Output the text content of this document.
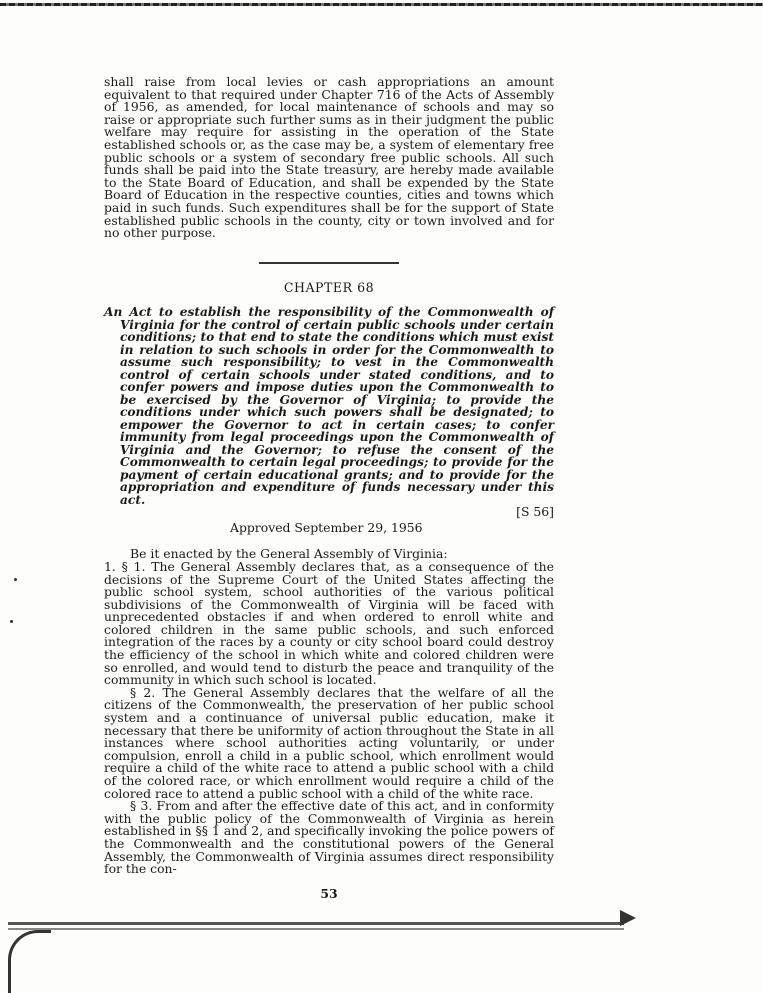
shall raise from local levies or cash appropriations an amount equivalent to that required under Chapter 716 of the Acts of Assembly of 1956, as amended, for local maintenance of schools and may so raise or appropriate such further sums as in their judgment the public welfare may require for assisting in the operation of the State established schools or, as the case may be, a system of elementary free public schools or a system of secondary free public schools. All such funds shall be paid into the State treasury, are hereby made available to the State Board of Education, and shall be expended by the State Board of Education in the respective counties, cities and towns which paid in such funds. Such expenditures shall be for the support of State established public schools in the county, city or town involved and for no other purpose.

CHAPTER 68

An Act to establish the responsibility of the Commonwealth of Virginia for the control of certain public schools under certain conditions; to that end to state the conditions which must exist in relation to such schools in order for the Commonwealth to assume such responsibility; to vest in the Commonwealth control of certain schools under stated conditions, and to confer powers and impose duties upon the Commonwealth to be exercised by the Governor of Virginia; to provide the conditions under which such powers shall be designated; to empower the Governor to act in certain cases; to confer immunity from legal proceedings upon the Commonwealth of Virginia and the Governor; to refuse the consent of the Commonwealth to certain legal proceedings; to provide for the payment of certain educational grants; and to provide for the appropriation and expenditure of funds necessary under this act.

[S 56]
Approved September 29, 1956

Be it enacted by the General Assembly of Virginia:

1. § 1. The General Assembly declares that, as a consequence of the decisions of the Supreme Court of the United States affecting the public school system, school authorities of the various political subdivisions of the Commonwealth of Virginia will be faced with unprecedented obstacles if and when ordered to enroll white and colored children in the same public schools, and such enforced integration of the races by a county or city school board could destroy the efficiency of the school in which white and colored children were so enrolled, and would tend to disturb the peace and tranquility of the community in which such school is located.

§ 2. The General Assembly declares that the welfare of all the citizens of the Commonwealth, the preservation of her public school system and a continuance of universal public education, make it necessary that there be uniformity of action throughout the State in all instances where school authorities acting voluntarily, or under compulsion, enroll a child in a public school, which enrollment would require a child of the white race to attend a public school with a child of the colored race, or which enrollment would require a child of the colored race to attend a public school with a child of the white race.

§ 3. From and after the effective date of this act, and in conformity with the public policy of the Commonwealth of Virginia as herein established in §§ 1 and 2, and specifically invoking the police powers of the Commonwealth and the constitutional powers of the General Assembly, the Commonwealth of Virginia assumes direct responsibility for the con-

53
